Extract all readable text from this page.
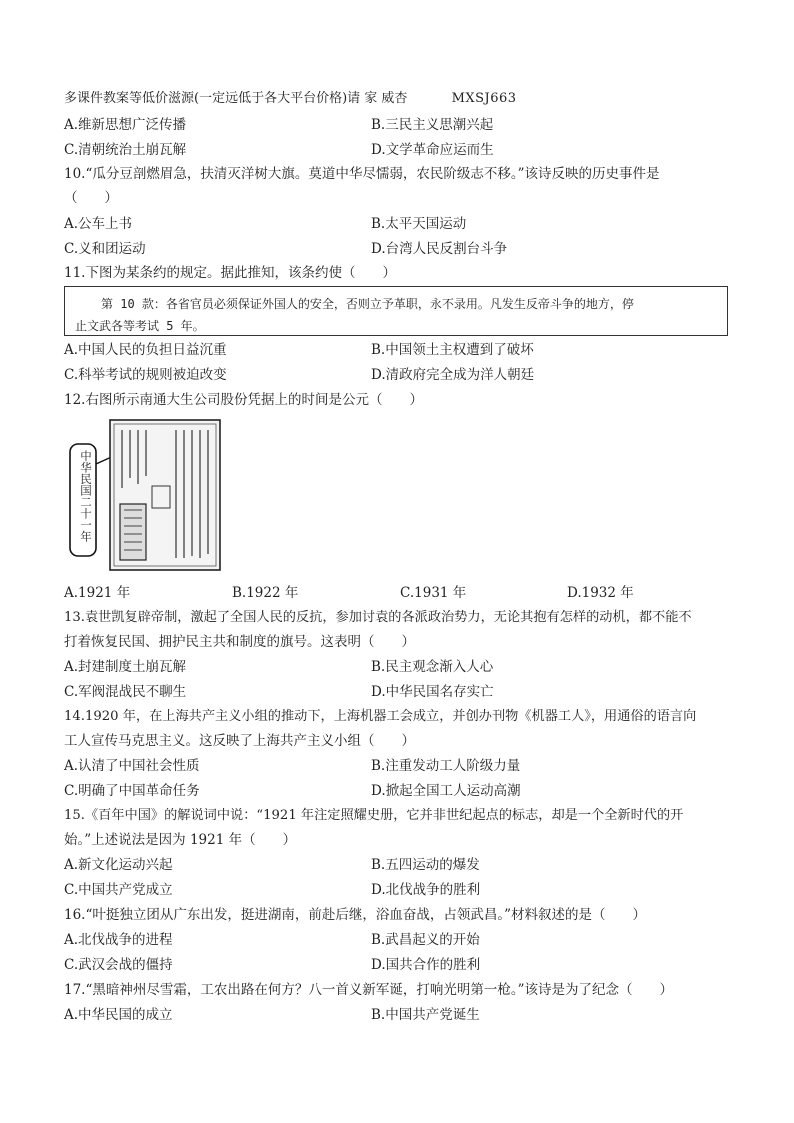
多课件教案等低价滋源(一定远低于各大平台价格)请 家 威杏	MXSJ663
A.维新思想广泛传播	B.三民主义思潮兴起
C.清朝统治土崩瓦解	D.文学革命应运而生
10.“瓜分豆剖燃眉急，扶清灭洋树大旗。莫道中华尽懦弱，农民阶级志不移。”该诗反映的历史事件是
（　　）
A.公车上书	B.太平天国运动
C.义和团运动	D.台湾人民反割台斗争
11.下图为某条约的规定。据此推知，该条约使（　　）
第 10 款：各省官员必须保证外国人的安全，否则立予革职，永不录用。凡发生反帝斗争的地方，停
止文武各等考试 5 年。
A.中国人民的负担日益沉重	B.中国领土主权遭到了破坏
C.科举考试的规则被迫改变	D.清政府完全成为洋人朝廷
12.右图所示南通大生公司股份凭据上的时间是公元（　　）
中华民国二十一年
A.1921 年	B.1922 年	C.1931 年	D.1932 年
13.袁世凯复辟帝制，激起了全国人民的反抗，参加讨袁的各派政治势力，无论其抱有怎样的动机，都不能不
打着恢复民国、拥护民主共和制度的旗号。这表明（　　）
A.封建制度土崩瓦解	B.民主观念渐入人心
C.军阀混战民不聊生	D.中华民国名存实亡
14.1920 年，在上海共产主义小组的推动下，上海机器工会成立，并创办刊物《机器工人》，用通俗的语言向
工人宣传马克思主义。这反映了上海共产主义小组（　　）
A.认清了中国社会性质	B.注重发动工人阶级力量
C.明确了中国革命任务	D.掀起全国工人运动高潮
15.《百年中国》的解说词中说：“1921 年注定照耀史册，它并非世纪起点的标志，却是一个全新时代的开
始。”上述说法是因为 1921 年（　　）
A.新文化运动兴起	B.五四运动的爆发
C.中国共产党成立	D.北伐战争的胜利
16.“叶挺独立团从广东出发，挺进湖南，前赴后继，浴血奋战，占领武昌。”材料叙述的是（　　）
A.北伐战争的进程	B.武昌起义的开始
C.武汉会战的僵持	D.国共合作的胜利
17.“黑暗神州尽雪霜，工农出路在何方？八一首义新军诞，打响光明第一枪。”该诗是为了纪念（　　）
A.中华民国的成立	B.中国共产党诞生
